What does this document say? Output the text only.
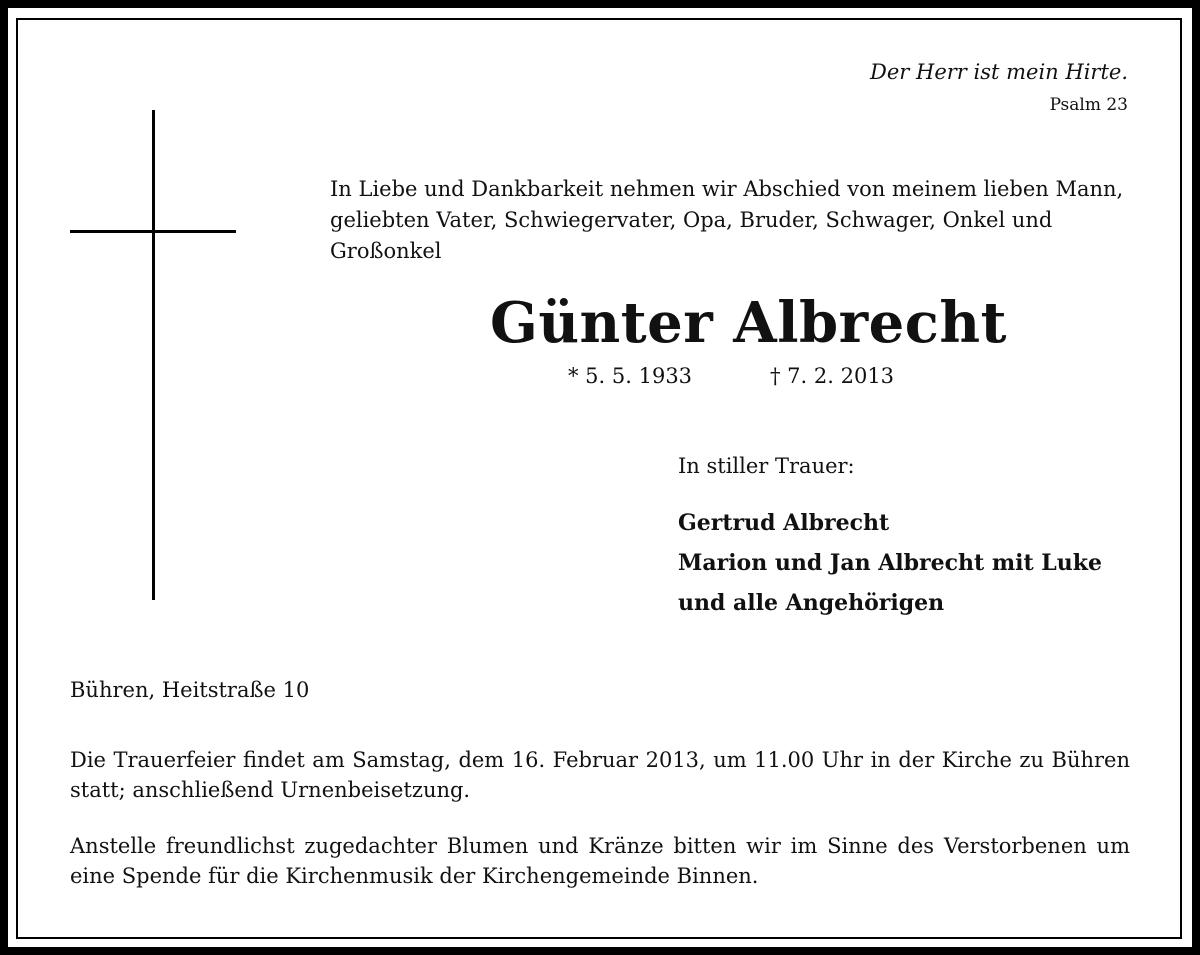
Der Herr ist mein Hirte.

Psalm 23

In Liebe und Dankbarkeit nehmen wir Abschied von meinem lieben Mann, geliebten Vater, Schwiegervater, Opa, Bruder, Schwager, Onkel und Großonkel

Günter Albrecht

* 5. 5. 1933	† 7. 2. 2013

In stiller Trauer:

Gertrud Albrecht
Marion und Jan Albrecht mit Luke
und alle Angehörigen

Bühren, Heitstraße 10

Die Trauerfeier findet am Samstag, dem 16. Februar 2013, um 11.00 Uhr in der Kirche zu Bühren statt; anschließend Urnenbeisetzung.

Anstelle freundlichst zugedachter Blumen und Kränze bitten wir im Sinne des Verstorbenen um eine Spende für die Kirchenmusik der Kirchengemeinde Binnen.
